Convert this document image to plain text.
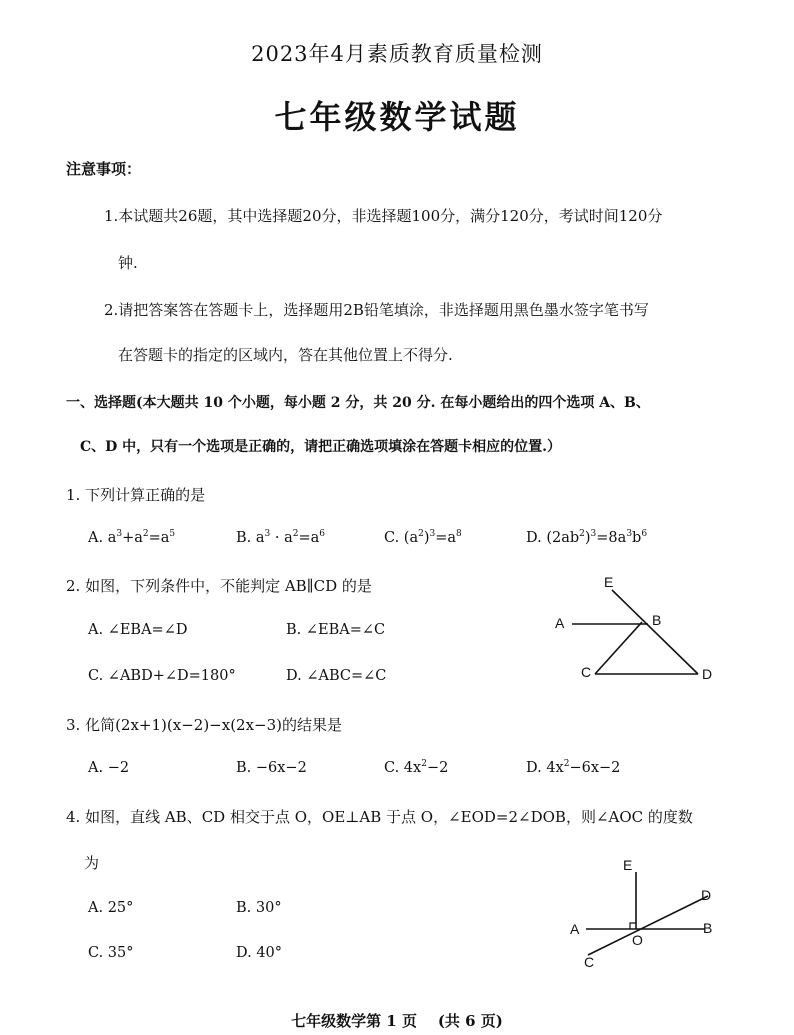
2023年4月素质教育质量检测
七年级数学试题
注意事项：
1.本试题共26题，其中选择题20分，非选择题100分，满分120分，考试时间120分
钟.
2.请把答案答在答题卡上，选择题用2B铅笔填涂，非选择题用黑色墨水签字笔书写
在答题卡的指定的区域内，答在其他位置上不得分.
一、选择题(本大题共 10 个小题，每小题 2 分，共 20 分. 在每小题给出的四个选项 A、B、
C、D 中，只有一个选项是正确的，请把正确选项填涂在答题卡相应的位置.）
1. 下列计算正确的是
A. $a^3+a^2=a^5$	B. $a^3 \cdot a^2=a^6$	C. $(a^2)^3=a^8$	D. $(2ab^2)^3=8a^3b^6$
2. 如图，下列条件中，不能判定 AB∥CD 的是
A. ∠EBA=∠D	B. ∠EBA=∠C
C. ∠ABD+∠D=180°	D. ∠ABC=∠C
E
A	B
C	D
3. 化简(2x+1)(x−2)−x(2x−3)的结果是
A. −2	B. −6x−2	C. $4x^2-2$	D. $4x^2-6x-2$
4. 如图，直线 AB、CD 相交于点 O，OE⊥AB 于点 O，∠EOD=2∠DOB，则∠AOC 的度数
为
A. 25°	B. 30°
C. 35°	D. 40°
E
D
A
O
B
C
七年级数学第 1 页    (共 6 页)
